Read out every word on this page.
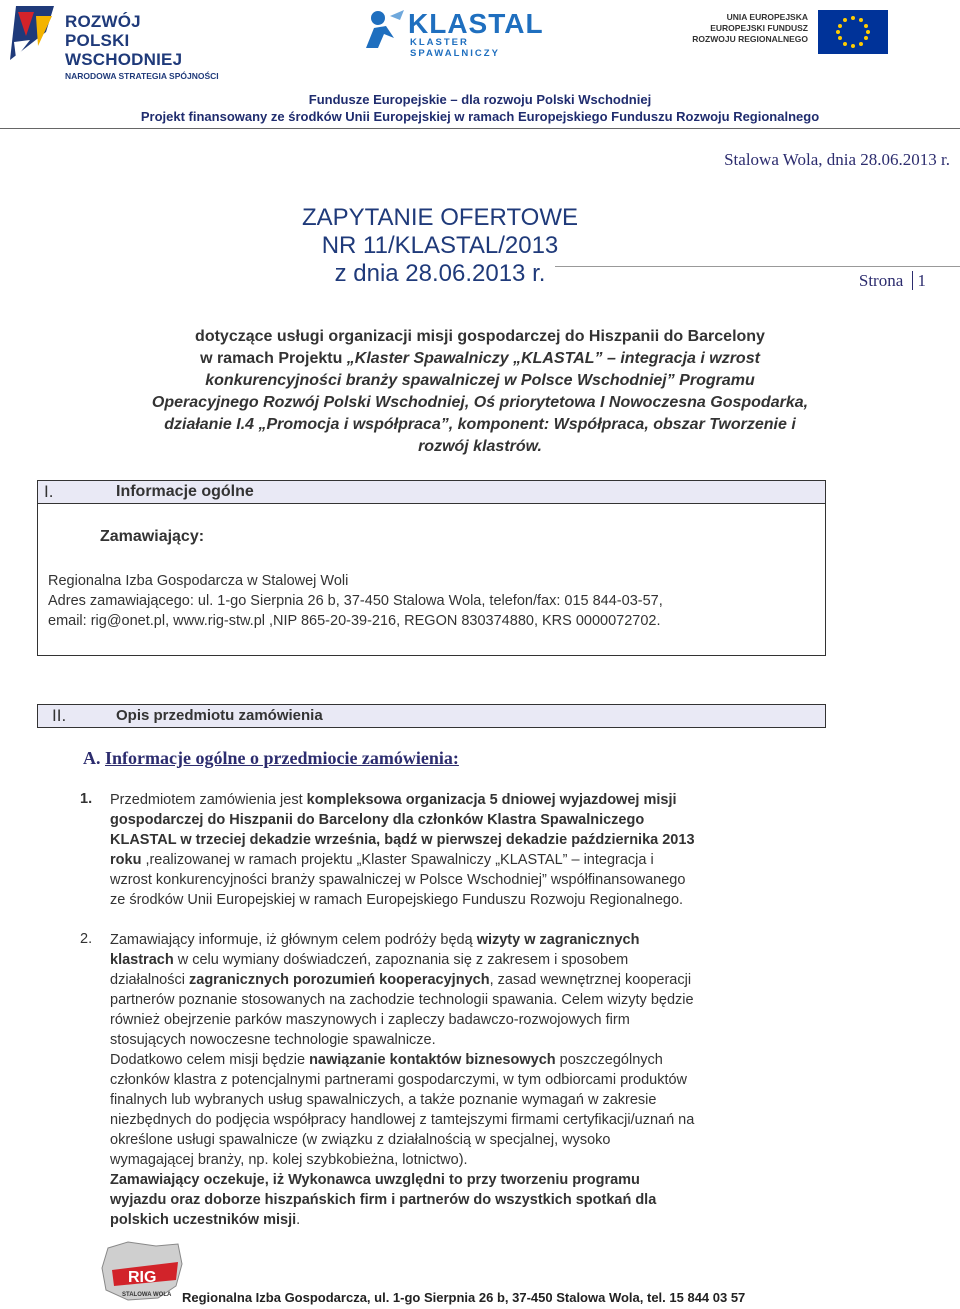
ROZWÓJ
POLSKI WSCHODNIEJ
NARODOWA STRATEGIA SPÓJNOŚCI
KLASTAL
KLASTER SPAWALNICZY
UNIA EUROPEJSKA
EUROPEJSKI FUNDUSZ
ROZWOJU REGIONALNEGO
Fundusze Europejskie – dla rozwoju Polski Wschodniej
Projekt finansowany ze środków Unii Europejskiej w ramach Europejskiego Funduszu Rozwoju Regionalnego
Stalowa Wola, dnia 28.06.2013 r.
ZAPYTANIE OFERTOWE
NR 11/KLASTAL/2013
z dnia 28.06.2013 r.	Strona 1
dotyczące usługi organizacji misji gospodarczej do Hiszpanii do Barcelony
w ramach Projektu „Klaster Spawalniczy „KLASTAL” – integracja i wzrost
konkurencyjności branży spawalniczej w Polsce Wschodniej” Programu
Operacyjnego Rozwój Polski Wschodniej, Oś priorytetowa I Nowoczesna Gospodarka,
działanie I.4 „Promocja i współpraca”, komponent: Współpraca, obszar Tworzenie i
rozwój klastrów.
I.	Informacje ogólne
Zamawiający:
Regionalna Izba Gospodarcza w Stalowej Woli
Adres zamawiającego: ul. 1-go Sierpnia 26 b, 37-450 Stalowa Wola, telefon/fax: 015 844-03-57,
email: rig@onet.pl, www.rig-stw.pl ,NIP 865-20-39-216, REGON 830374880, KRS 0000072702.
II.	Opis przedmiotu zamówienia
A. Informacje ogólne o przedmiocie zamówienia:
1. Przedmiotem zamówienia jest kompleksowa organizacja 5 dniowej wyjazdowej misji
gospodarczej do Hiszpanii do Barcelony dla członków Klastra Spawalniczego
KLASTAL w trzeciej dekadzie września, bądź w pierwszej dekadzie października 2013
roku ,realizowanej w ramach projektu „Klaster Spawalniczy „KLASTAL” – integracja i
wzrost konkurencyjności branży spawalniczej w Polsce Wschodniej” współfinansowanego
ze środków Unii Europejskiej w ramach Europejskiego Funduszu Rozwoju Regionalnego.
2. Zamawiający informuje, iż głównym celem podróży będą wizyty w zagranicznych
klastrach w celu wymiany doświadczeń, zapoznania się z zakresem i sposobem
działalności zagranicznych porozumień kooperacyjnych, zasad wewnętrznej kooperacji
partnerów poznanie stosowanych na zachodzie technologii spawania. Celem wizyty będzie
również obejrzenie parków maszynowych i zapleczy badawczo-rozwojowych firm
stosujących nowoczesne technologie spawalnicze.
Dodatkowo celem misji będzie nawiązanie kontaktów biznesowych poszczególnych
członków klastra z potencjalnymi partnerami gospodarczymi, w tym odbiorcami produktów
finalnych lub wybranych usług spawalniczych, a także poznanie wymagań w zakresie
niezbędnych do podjęcia współpracy handlowej z tamtejszymi firmami certyfikacji/uznań na
określone usługi spawalnicze (w związku z działalnością w specjalnej, wysoko
wymagającej branży, np. kolej szybkobieżna, lotnictwo).
Zamawiający oczekuje, iż Wykonawca uwzględni to przy tworzeniu programu
wyjazdu oraz doborze hiszpańskich firm i partnerów do wszystkich spotkań dla
polskich uczestników misji.
RIG
STALOWA WOLA Regionalna Izba Gospodarcza, ul. 1-go Sierpnia 26 b, 37-450 Stalowa Wola, tel. 15 844 03 57
